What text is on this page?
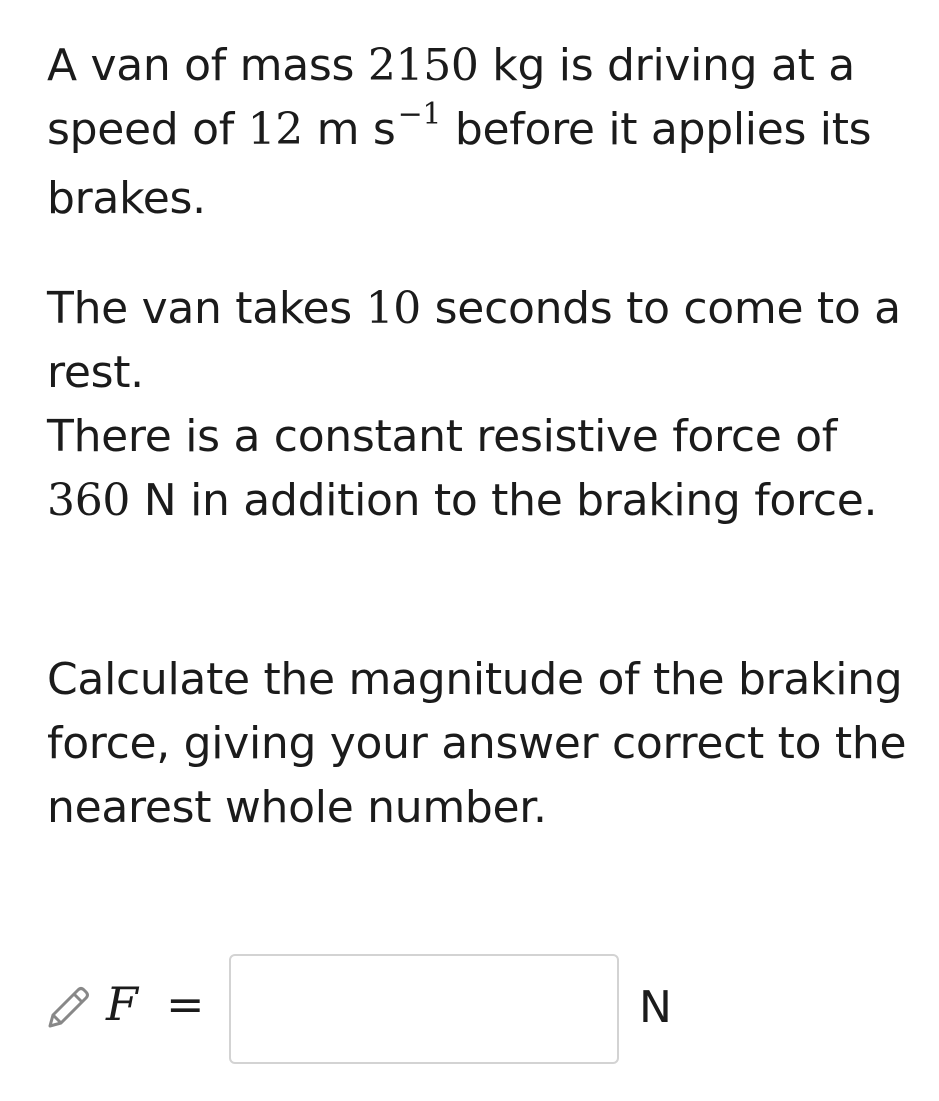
A van of mass 2150 kg is driving at a speed of 12 m $s^{-1}$ before it applies its brakes.
The van takes 10 seconds to come to a rest.
There is a constant resistive force of 360 N in addition to the braking force.
Calculate the magnitude of the braking force, giving your answer correct to the nearest whole number.
F =	N
